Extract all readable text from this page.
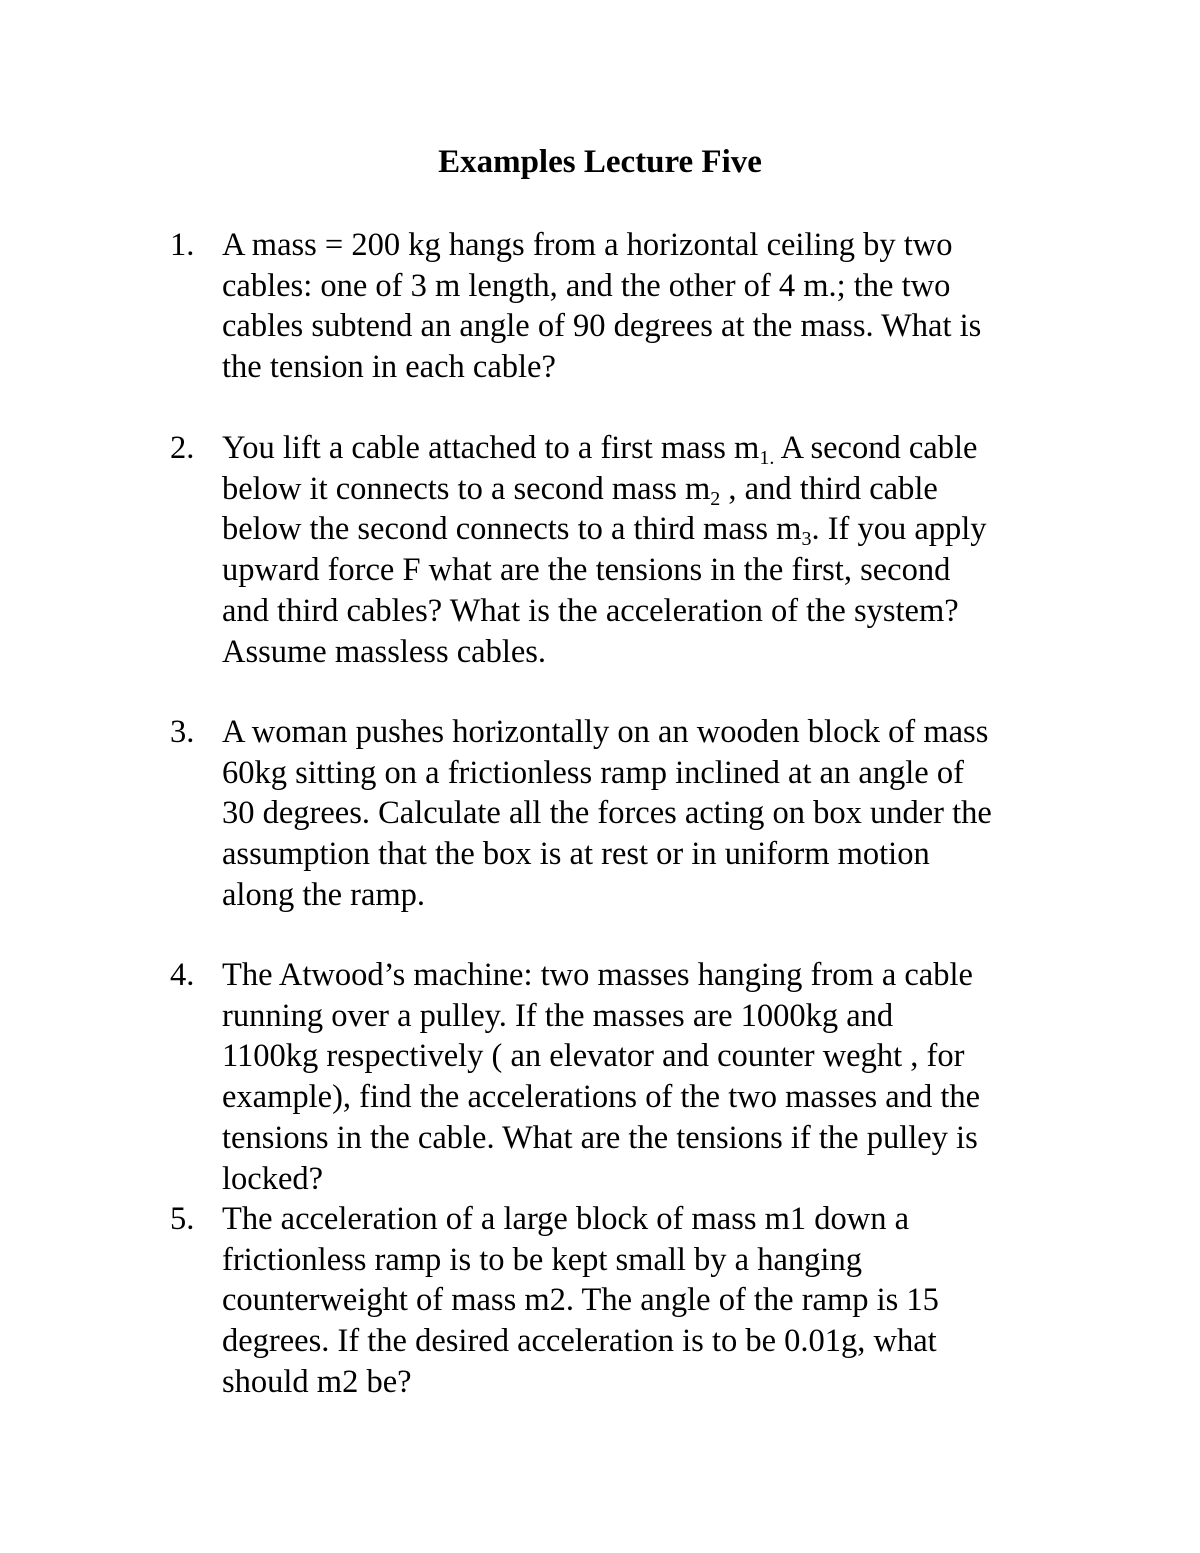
Examples Lecture Five
1. A mass = 200 kg hangs from a horizontal ceiling by two
cables: one of 3 m length, and the other of 4 m.; the two
cables subtend an angle of 90 degrees at the mass. What is
the tension in each cable?
2. You lift a cable attached to a first mass $m_{1.}$ A second cable
below it connects to a second mass $m_2$ , and third cable
below the second connects to a third mass $m_3$. If you apply
upward force F what are the tensions in the first, second
and third cables? What is the acceleration of the system?
Assume massless cables.
3. A woman pushes horizontally on an wooden block of mass
60kg sitting on a frictionless ramp inclined at an angle of
30 degrees. Calculate all the forces acting on box under the
assumption that the box is at rest or in uniform motion
along the ramp.
4. The Atwood’s machine: two masses hanging from a cable
running over a pulley. If the masses are 1000kg and
1100kg respectively ( an elevator and counter weght , for
example), find the accelerations of the two masses and the
tensions in the cable. What are the tensions if the pulley is
locked?
5. The acceleration of a large block of mass m1 down a
frictionless ramp is to be kept small by a hanging
counterweight of mass m2. The angle of the ramp is 15
degrees. If the desired acceleration is to be 0.01g, what
should m2 be?
